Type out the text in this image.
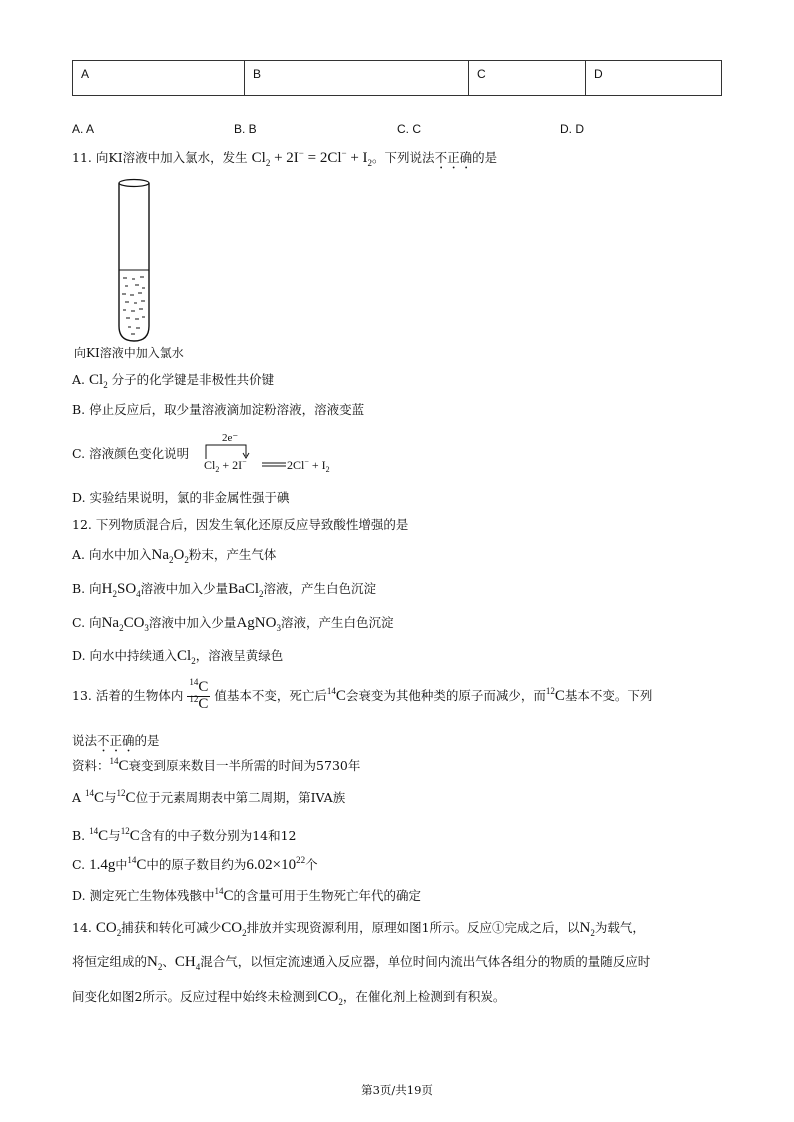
A	B	C	D
A. A	B. B	C. C	D. D
11. 向KI溶液中加入氯水，发生 $Cl_2 + 2I^- = 2Cl^- + I_2$。下列说法不正确的是
向KI溶液中加入氯水
A. $Cl_2$ 分子的化学键是非极性共价键
B. 停止反应后，取少量溶液滴加淀粉溶液，溶液变蓝
C. 溶液颜色变化说明
2e⁻
$Cl_2 + 2I^-$	$2Cl^- + I_2$
D. 实验结果说明，氯的非金属性强于碘
12. 下列物质混合后，因发生氧化还原反应导致酸性增强的是
A. 向水中加入$Na_2O_2$粉末，产生气体
B. 向$H_2SO_4$溶液中加入少量BaCl$_2$溶液，产生白色沉淀
C. 向$Na_2CO_3$溶液中加入少量AgNO$_3$溶液，产生白色沉淀
D. 向水中持续通入$Cl_2$，溶液呈黄绿色
13. 活着的生物体内 $\frac{^{14}C}{^{12}C}$ 值基本不变，死亡后$^{14}$C会衰变为其他种类的原子而减少，而$^{12}$C基本不变。下列
说法不正确的是
资料：$^{14}$C衰变到原来数目一半所需的时间为5730年
A $^{14}$C与$^{12}$C位于元素周期表中第二周期，第IVA族
B. $^{14}$C与$^{12}$C含有的中子数分别为14和12
C. 1.4g中$^{14}$C中的原子数目约为$6.02\times 10^{22}$个
D. 测定死亡生物体残骸中$^{14}$C的含量可用于生物死亡年代的确定
14. $CO_2$捕获和转化可减少$CO_2$排放并实现资源利用，原理如图1所示。反应①完成之后，以$N_2$为载气，
将恒定组成的$N_2$、$CH_4$混合气，以恒定流速通入反应器，单位时间内流出气体各组分的物质的量随反应时
间变化如图2所示。反应过程中始终未检测到$CO_2$，在催化剂上检测到有积炭。
第3页/共19页
